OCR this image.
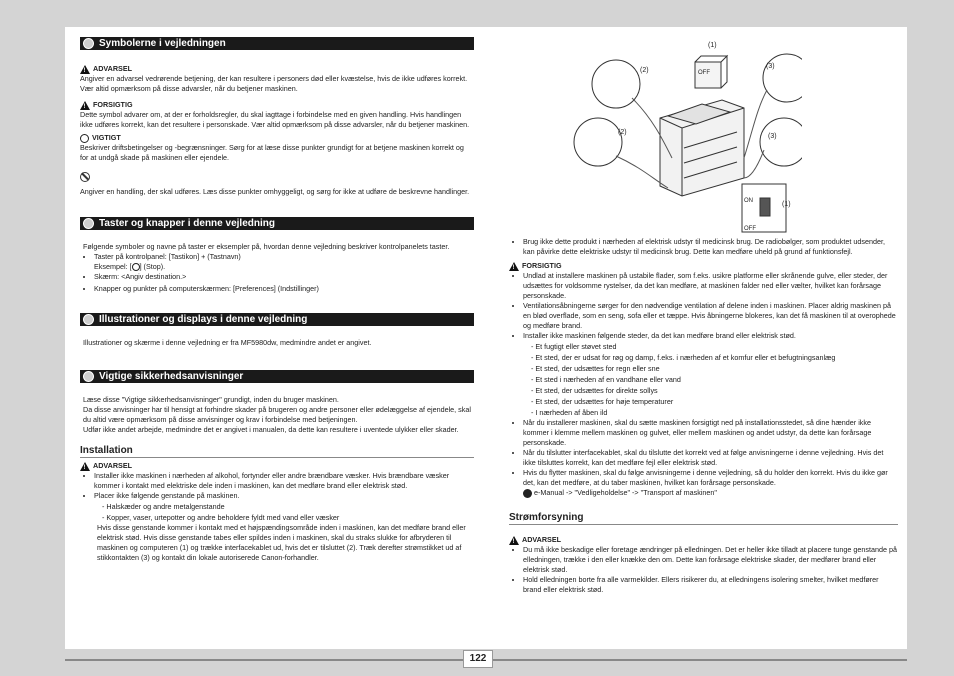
Symbolerne i vejledningen
!
ADVARSEL

Angiver en advarsel vedrørende betjening, der kan resultere i personers død eller kvæstelse, hvis de ikke udføres korrekt. Vær altid opmærksom på disse advarsler, når du betjener maskinen.

!
FORSIGTIG

Dette symbol advarer om, at der er forholdsregler, du skal iagttage i forbindelse med en given handling. Hvis handlingen ikke udføres korrekt, kan det resultere i personskade. Vær altid opmærksom på disse advarsler, når du betjener maskinen.

VIGTIGT

Beskriver driftsbetingelser og -begrænsninger. Sørg for at læse disse punkter grundigt for at betjene maskinen korrekt og for at undgå skade på maskinen eller ejendele.

Angiver en handling, der skal udføres. Læs disse punkter omhyggeligt, og sørg for ikke at udføre de beskrevne handlinger.

Taster og knapper i denne vejledning

Følgende symboler og navne på taster er eksempler på, hvordan denne vejledning beskriver kontrolpanelets taster.

• Taster på kontrolpanel: [Tastikon] + (Tastnavn)
Eksempel: [ ] (Stop).
• Skærm: <Angiv destination.>
• Knapper og punkter på computerskærmen: [Preferences] (Indstillinger)
Illustrationer og displays i denne vejledning

Illustrationer og skærme i denne vejledning er fra MF5980dw, medmindre andet er angivet.

Vigtige sikkerhedsanvisninger

Læse disse "Vigtige sikkerhedsanvisninger" grundigt, inden du bruger maskinen.

Da disse anvisninger har til hensigt at forhindre skader på brugeren og andre personer eller ødelæggelse af ejendele, skal du altid være opmærksom på disse anvisninger og krav i forbindelse med betjeningen.

Udfør ikke andet arbejde, medmindre det er angivet i manualen, da dette kan resultere i uventede ulykker eller skader.

Installation
!
ADVARSEL
• Installer ikke maskinen i nærheden af alkohol, fortynder eller andre brændbare væsker. Hvis brændbare væsker kommer i kontakt med elektriske dele inden i maskinen, kan det medføre brand eller elektrisk stød.
• Placer ikke følgende genstande på maskinen.
- Halskæder og andre metalgenstande
- Kopper, vaser, urtepotter og andre beholdere fyldt med vand eller væsker

Hvis disse genstande kommer i kontakt med et højspændingsområde inden i maskinen, kan det medføre brand eller elektrisk stød. Hvis disse genstande tabes eller spildes inden i maskinen, skal du straks slukke for afbryderen til maskinen og computeren (1) og trække interfacekablet ud, hvis det er tilsluttet (2). Træk derefter strømstikket ud af stikkontakten (3) og kontakt din lokale autoriserede Canon-forhandler.

(1)
(2)
(3)
(2)
(3)
(1)
OFF
ON
OFF
• Brug ikke dette produkt i nærheden af elektrisk udstyr til medicinsk brug. De radiobølger, som produktet udsender, kan påvirke dette elektriske udstyr til medicinsk brug. Dette kan medføre uheld på grund af funktionsfejl.
!
FORSIGTIG
• Undlad at installere maskinen på ustabile flader, som f.eks. usikre platforme eller skrånende gulve, eller steder, der udsættes for voldsomme rystelser, da det kan medføre, at maskinen falder ned eller vælter, hvilket kan forårsage personskade.
• Ventilationsåbningerne sørger for den nødvendige ventilation af delene inden i maskinen. Placer aldrig maskinen på en blød overflade, som en seng, sofa eller et tæppe. Hvis åbningerne blokeres, kan det få maskinen til at overophede og medføre brand.
• Installer ikke maskinen følgende steder, da det kan medføre brand eller elektrisk stød.
- Et fugtigt eller støvet sted
- Et sted, der er udsat for røg og damp, f.eks. i nærheden af et komfur eller et befugtningsanlæg
- Et sted, der udsættes for regn eller sne
- Et sted i nærheden af en vandhane eller vand
- Et sted, der udsættes for direkte sollys
- Et sted, der udsættes for høje temperaturer
- I nærheden af åben ild
• Når du installerer maskinen, skal du sætte maskinen forsigtigt ned på installationsstedet, så dine hænder ikke kommer i klemme mellem maskinen og gulvet, eller mellem maskinen og andet udstyr, da dette kan forårsage personskade.
• Når du tilslutter interfacekablet, skal du tilslutte det korrekt ved at følge anvisningerne i denne vejledning. Hvis det ikke tilsluttes korrekt, kan det medføre fejl eller elektrisk stød.
• Hvis du flytter maskinen, skal du følge anvisningerne i denne vejledning, så du holder den korrekt. Hvis du ikke gør det, kan det medføre, at du taber maskinen, hvilket kan forårsage personskade.
e-Manual -> "Vedligeholdelse" -> "Transport af maskinen"
Strømforsyning
!
ADVARSEL
• Du må ikke beskadige eller foretage ændringer på elledningen. Det er heller ikke tilladt at placere tunge genstande på elledningen, trække i den eller knække den om. Dette kan forårsage elektriske skader, der medfører brand eller elektrisk stød.
• Hold elledningen borte fra alle varmekilder. Ellers risikerer du, at elledningens isolering smelter, hvilket medfører brand eller elektrisk stød.
122
